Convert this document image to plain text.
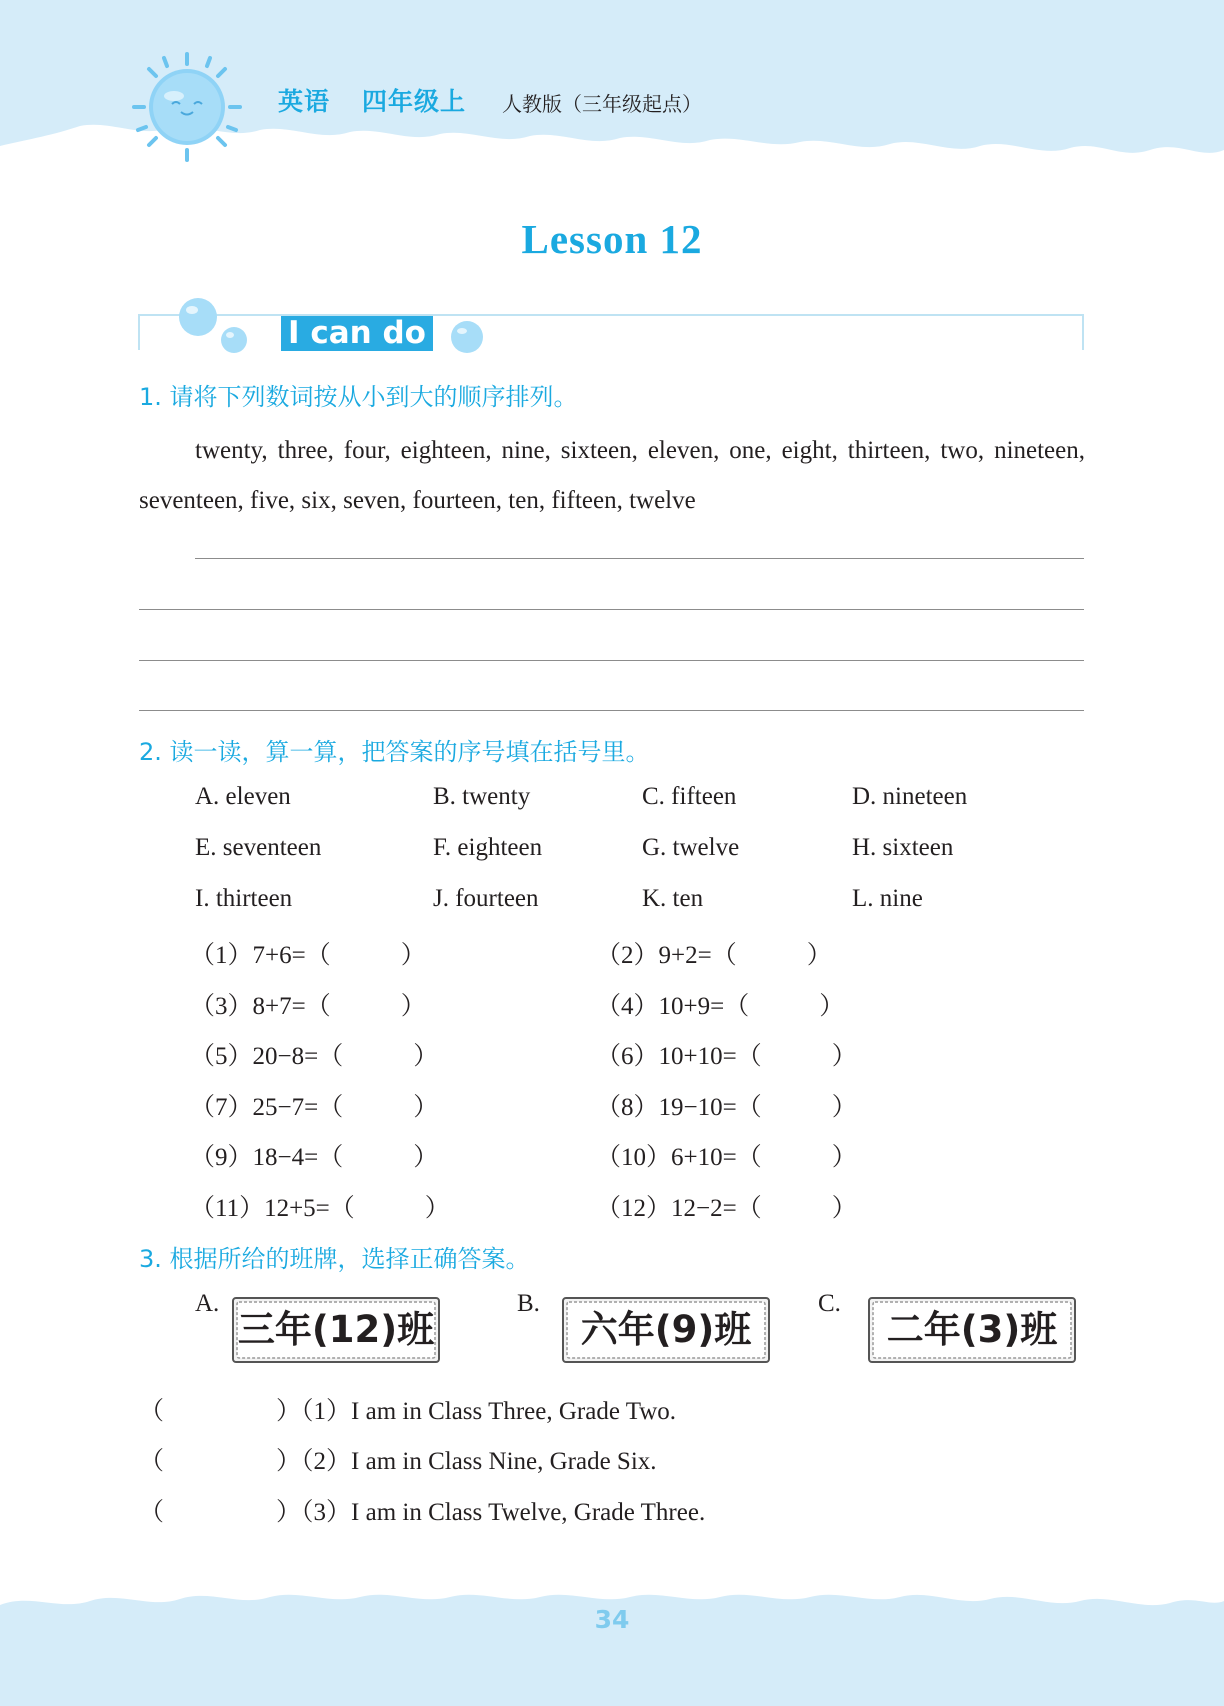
英语 四年级上 人教版（三年级起点）
Lesson 12
I can do
1. 请将下列数词按从小到大的顺序排列。
twenty, three, four, eighteen, nine, sixteen, eleven, one, eight, thirteen, two, nineteen, seventeen, five, six, seven, fourteen, ten, fifteen, twelve
2. 读一读，算一算，把答案的序号填在括号里。
A. eleven	B. twenty	C. fifteen	D. nineteen
E. seventeen	F. eighteen	G. twelve	H. sixteen
I. thirteen	J. fourteen	K. ten	L. nine
（1）7+6=（	）	（2）9+2=（	）
（3）8+7=（	）	（4）10+9=（	）
（5）20−8=（	）	（6）10+10=（	）
（7）25−7=（	）	（8）19−10=（	）
（9）18−4=（	）	（10）6+10=（	）
（11）12+5=（	）	（12）12−2=（	）
3. 根据所给的班牌，选择正确答案。
A.
三年(12)班
B.
六年(9)班
C.
二年(3)班
（	）（1）I am in Class Three, Grade Two.
（	）（2）I am in Class Nine, Grade Six.
（	）（3）I am in Class Twelve, Grade Three.
34
